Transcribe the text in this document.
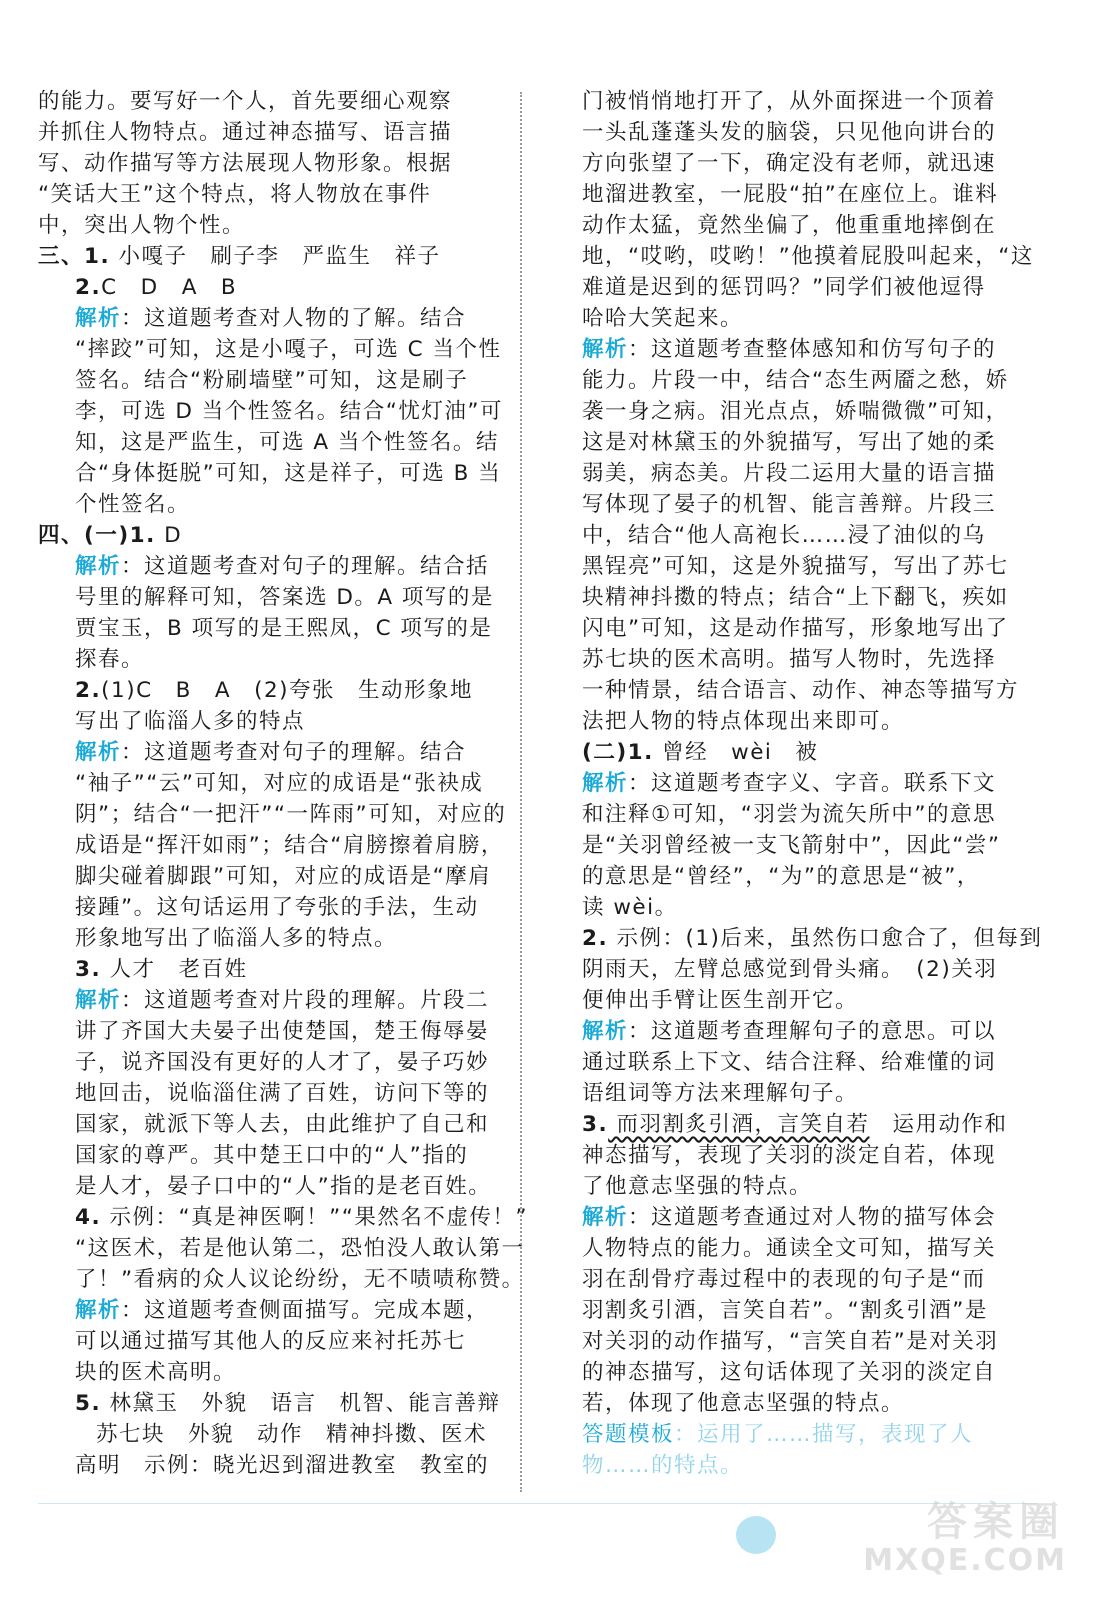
的能力。要写好一个人，首先要细心观察
并抓住人物特点。通过神态描写、语言描
写、动作描写等方法展现人物形象。根据
“笑话大王”这个特点，将人物放在事件
中，突出人物个性。
三、1. 小嘎子　刷子李　严监生　祥子
2.C　D　A　B
解析：这道题考查对人物的了解。结合
“摔跤”可知，这是小嘎子，可选 C 当个性
签名。结合“粉刷墙壁”可知，这是刷子
李，可选 D 当个性签名。结合“忧灯油”可
知，这是严监生，可选 A 当个性签名。结
合“身体挺脱”可知，这是祥子，可选 B 当
个性签名。
四、(一)1. D
解析：这道题考查对句子的理解。结合括
号里的解释可知，答案选 D。A 项写的是
贾宝玉，B 项写的是王熙凤，C 项写的是
探春。
2.(1)C　B　A　(2)夸张　生动形象地
写出了临淄人多的特点
解析：这道题考查对句子的理解。结合
“袖子”“云”可知，对应的成语是“张袂成
阴”；结合“一把汗”“一阵雨”可知，对应的
成语是“挥汗如雨”；结合“肩膀擦着肩膀，
脚尖碰着脚跟”可知，对应的成语是“摩肩
接踵”。这句话运用了夸张的手法，生动
形象地写出了临淄人多的特点。
3. 人才　老百姓
解析：这道题考查对片段的理解。片段二
讲了齐国大夫晏子出使楚国，楚王侮辱晏
子，说齐国没有更好的人才了，晏子巧妙
地回击，说临淄住满了百姓，访问下等的
国家，就派下等人去，由此维护了自己和
国家的尊严。其中楚王口中的“人”指的
是人才，晏子口中的“人”指的是老百姓。
4. 示例：“真是神医啊！”“果然名不虚传！”
“这医术，若是他认第二，恐怕没人敢认第一
了！”看病的众人议论纷纷，无不啧啧称赞。
解析：这道题考查侧面描写。完成本题，
可以通过描写其他人的反应来衬托苏七
块的医术高明。
5. 林黛玉　外貌　语言　机智、能言善辩
苏七块　外貌　动作　精神抖擞、医术
高明　示例：晓光迟到溜进教室　教室的
门被悄悄地打开了，从外面探进一个顶着
一头乱蓬蓬头发的脑袋，只见他向讲台的
方向张望了一下，确定没有老师，就迅速
地溜进教室，一屁股“拍”在座位上。谁料
动作太猛，竟然坐偏了，他重重地摔倒在
地，“哎哟，哎哟！”他摸着屁股叫起来，“这
难道是迟到的惩罚吗？”同学们被他逗得
哈哈大笑起来。
解析：这道题考查整体感知和仿写句子的
能力。片段一中，结合“态生两靥之愁，娇
袭一身之病。泪光点点，娇喘微微”可知，
这是对林黛玉的外貌描写，写出了她的柔
弱美，病态美。片段二运用大量的语言描
写体现了晏子的机智、能言善辩。片段三
中，结合“他人高袍长……浸了油似的乌
黑锃亮”可知，这是外貌描写，写出了苏七
块精神抖擞的特点；结合“上下翻飞，疾如
闪电”可知，这是动作描写，形象地写出了
苏七块的医术高明。描写人物时，先选择
一种情景，结合语言、动作、神态等描写方
法把人物的特点体现出来即可。
(二)1. 曾经　wèi　被
解析：这道题考查字义、字音。联系下文
和注释①可知，“羽尝为流矢所中”的意思
是“关羽曾经被一支飞箭射中”，因此“尝”
的意思是“曾经”，“为”的意思是“被”，
读 wèi。
2. 示例：(1)后来，虽然伤口愈合了，但每到
阴雨天，左臂总感觉到骨头痛。　(2)关羽
便伸出手臂让医生剖开它。
解析：这道题考查理解句子的意思。可以
通过联系上下文、结合注释、给难懂的词
语组词等方法来理解句子。
3. 而羽割炙引酒，言笑自若　运用动作和
神态描写，表现了关羽的淡定自若，体现
了他意志坚强的特点。
解析：这道题考查通过对人物的描写体会
人物特点的能力。通读全文可知，描写关
羽在刮骨疗毒过程中的表现的句子是“而
羽割炙引酒，言笑自若”。“割炙引酒”是
对关羽的动作描写，“言笑自若”是对关羽
的神态描写，这句话体现了关羽的淡定自
若，体现了他意志坚强的特点。
答题模板：运用了……描写，表现了人
物……的特点。
答案圈
MXQE.COM
